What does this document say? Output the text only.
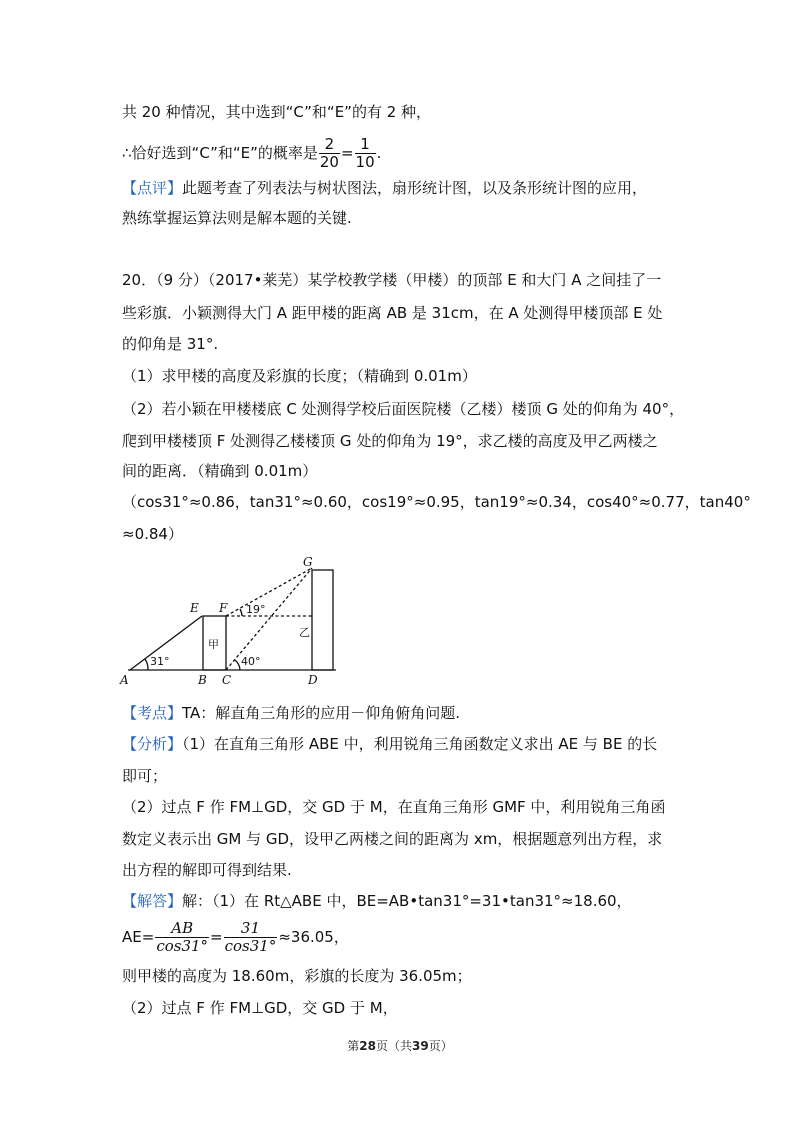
共 20 种情况，其中选到“C”和“E”的有 2 种，
∴恰好选到“C”和“E”的概率是 $\frac{2}{20} = \frac{1}{10}$ .
【点评】此题考查了列表法与树状图法，扇形统计图，以及条形统计图的应用，
熟练掌握运算法则是解本题的关键.
20．（9 分）（2017•莱芜）某学校教学楼（甲楼）的顶部 E 和大门 A 之间挂了一
些彩旗．小颖测得大门 A 距甲楼的距离 AB 是 31cm，在 A 处测得甲楼顶部 E 处
的仰角是 31°.
（1）求甲楼的高度及彩旗的长度；（精确到 0.01m）
（2）若小颖在甲楼楼底 C 处测得学校后面医院楼（乙楼）楼顶 G 处的仰角为 40°，
爬到甲楼楼顶 F 处测得乙楼楼顶 G 处的仰角为 19°，求乙楼的高度及甲乙两楼之
间的距离．（精确到 0.01m）
（cos31°≈0.86，tan31°≈0.60，cos19°≈0.95，tan19°≈0.34，cos40°≈0.77，tan40°
≈0.84）
A	B C	D
E F
G
甲
乙
31°
19°
40°
【考点】TA：解直角三角形的应用－仰角俯角问题.
【分析】（1）在直角三角形 ABE 中，利用锐角三角函数定义求出 AE 与 BE 的长
即可；
（2）过点 F 作 FM⊥GD，交 GD 于 M，在直角三角形 GMF 中，利用锐角三角函
数定义表示出 GM 与 GD，设甲乙两楼之间的距离为 xm，根据题意列出方程，求
出方程的解即可得到结果.
【解答】解：（1）在 Rt△ABE 中，BE=AB•tan31°=31•tan31°≈18.60，
$AE= \frac{AB}{\cos 31^\circ} = \frac{31}{\cos 31^\circ} \approx 36.05$，
则甲楼的高度为 18.60m，彩旗的长度为 36.05m；
（2）过点 F 作 FM⊥GD，交 GD 于 M，
第28页（共39页）
